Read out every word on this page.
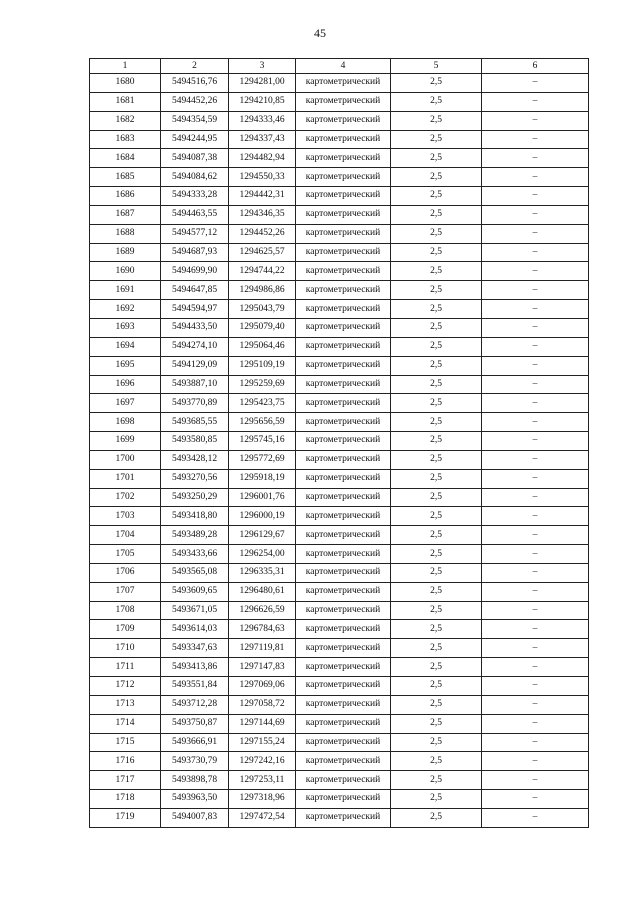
45
1	2	3	4	5	6
1680	5494516,76	1294281,00	картометрический	2,5	–
1681	5494452,26	1294210,85	картометрический	2,5	–
1682	5494354,59	1294333,46	картометрический	2,5	–
1683	5494244,95	1294337,43	картометрический	2,5	–
1684	5494087,38	1294482,94	картометрический	2,5	–
1685	5494084,62	1294550,33	картометрический	2,5	–
1686	5494333,28	1294442,31	картометрический	2,5	–
1687	5494463,55	1294346,35	картометрический	2,5	–
1688	5494577,12	1294452,26	картометрический	2,5	–
1689	5494687,93	1294625,57	картометрический	2,5	–
1690	5494699,90	1294744,22	картометрический	2,5	–
1691	5494647,85	1294986,86	картометрический	2,5	–
1692	5494594,97	1295043,79	картометрический	2,5	–
1693	5494433,50	1295079,40	картометрический	2,5	–
1694	5494274,10	1295064,46	картометрический	2,5	–
1695	5494129,09	1295109,19	картометрический	2,5	–
1696	5493887,10	1295259,69	картометрический	2,5	–
1697	5493770,89	1295423,75	картометрический	2,5	–
1698	5493685,55	1295656,59	картометрический	2,5	–
1699	5493580,85	1295745,16	картометрический	2,5	–
1700	5493428,12	1295772,69	картометрический	2,5	–
1701	5493270,56	1295918,19	картометрический	2,5	–
1702	5493250,29	1296001,76	картометрический	2,5	–
1703	5493418,80	1296000,19	картометрический	2,5	–
1704	5493489,28	1296129,67	картометрический	2,5	–
1705	5493433,66	1296254,00	картометрический	2,5	–
1706	5493565,08	1296335,31	картометрический	2,5	–
1707	5493609,65	1296480,61	картометрический	2,5	–
1708	5493671,05	1296626,59	картометрический	2,5	–
1709	5493614,03	1296784,63	картометрический	2,5	–
1710	5493347,63	1297119,81	картометрический	2,5	–
1711	5493413,86	1297147,83	картометрический	2,5	–
1712	5493551,84	1297069,06	картометрический	2,5	–
1713	5493712,28	1297058,72	картометрический	2,5	–
1714	5493750,87	1297144,69	картометрический	2,5	–
1715	5493666,91	1297155,24	картометрический	2,5	–
1716	5493730,79	1297242,16	картометрический	2,5	–
1717	5493898,78	1297253,11	картометрический	2,5	–
1718	5493963,50	1297318,96	картометрический	2,5	–
1719	5494007,83	1297472,54	картометрический	2,5	–
